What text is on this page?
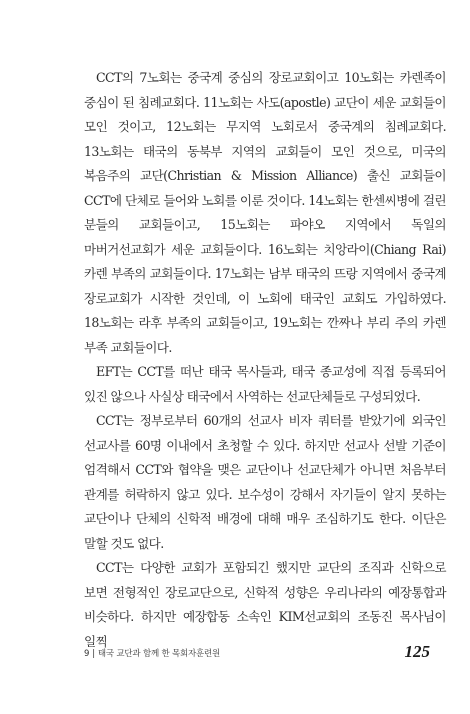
CCT의 7노회는 중국계 중심의 장로교회이고 10노회는 카렌족이 중심이 된 침례교회다. 11노회는 사도(apostle) 교단이 세운 교회들이 모인 것이고, 12노회는 무지역 노회로서 중국계의 침례교회다. 13노회는 태국의 동북부 지역의 교회들이 모인 것으로, 미국의 복음주의 교단(Christian & Mission Alliance) 출신 교회들이 CCT에 단체로 들어와 노회를 이룬 것이다. 14노회는 한센씨병에 걸린 분들의 교회들이고, 15노회는 파야오 지역에서 독일의 마버거선교회가 세운 교회들이다. 16노회는 치앙라이(Chiang Rai) 카렌 부족의 교회들이다. 17노회는 남부 태국의 뜨랑 지역에서 중국계 장로교회가 시작한 것인데, 이 노회에 태국인 교회도 가입하였다. 18노회는 라후 부족의 교회들이고, 19노회는 깐짜나 부리 주의 카렌 부족 교회들이다.

EFT는 CCT를 떠난 태국 목사들과, 태국 종교성에 직접 등록되어 있진 않으나 사실상 태국에서 사역하는 선교단체들로 구성되었다.

CCT는 정부로부터 60개의 선교사 비자 쿼터를 받았기에 외국인 선교사를 60명 이내에서 초청할 수 있다. 하지만 선교사 선발 기준이 엄격해서 CCT와 협약을 맺은 교단이나 선교단체가 아니면 처음부터 관계를 허락하지 않고 있다. 보수성이 강해서 자기들이 알지 못하는 교단이나 단체의 신학적 배경에 대해 매우 조심하기도 한다. 이단은 말할 것도 없다.

CCT는 다양한 교회가 포함되긴 했지만 교단의 조직과 신학으로 보면 전형적인 장로교단으로, 신학적 성향은 우리나라의 예장통합과 비슷하다. 하지만 예장합동 소속인 KIM선교회의 조동진 목사님이 일찍

9 | 태국 교단과 함께 한 목회자훈련원	125
